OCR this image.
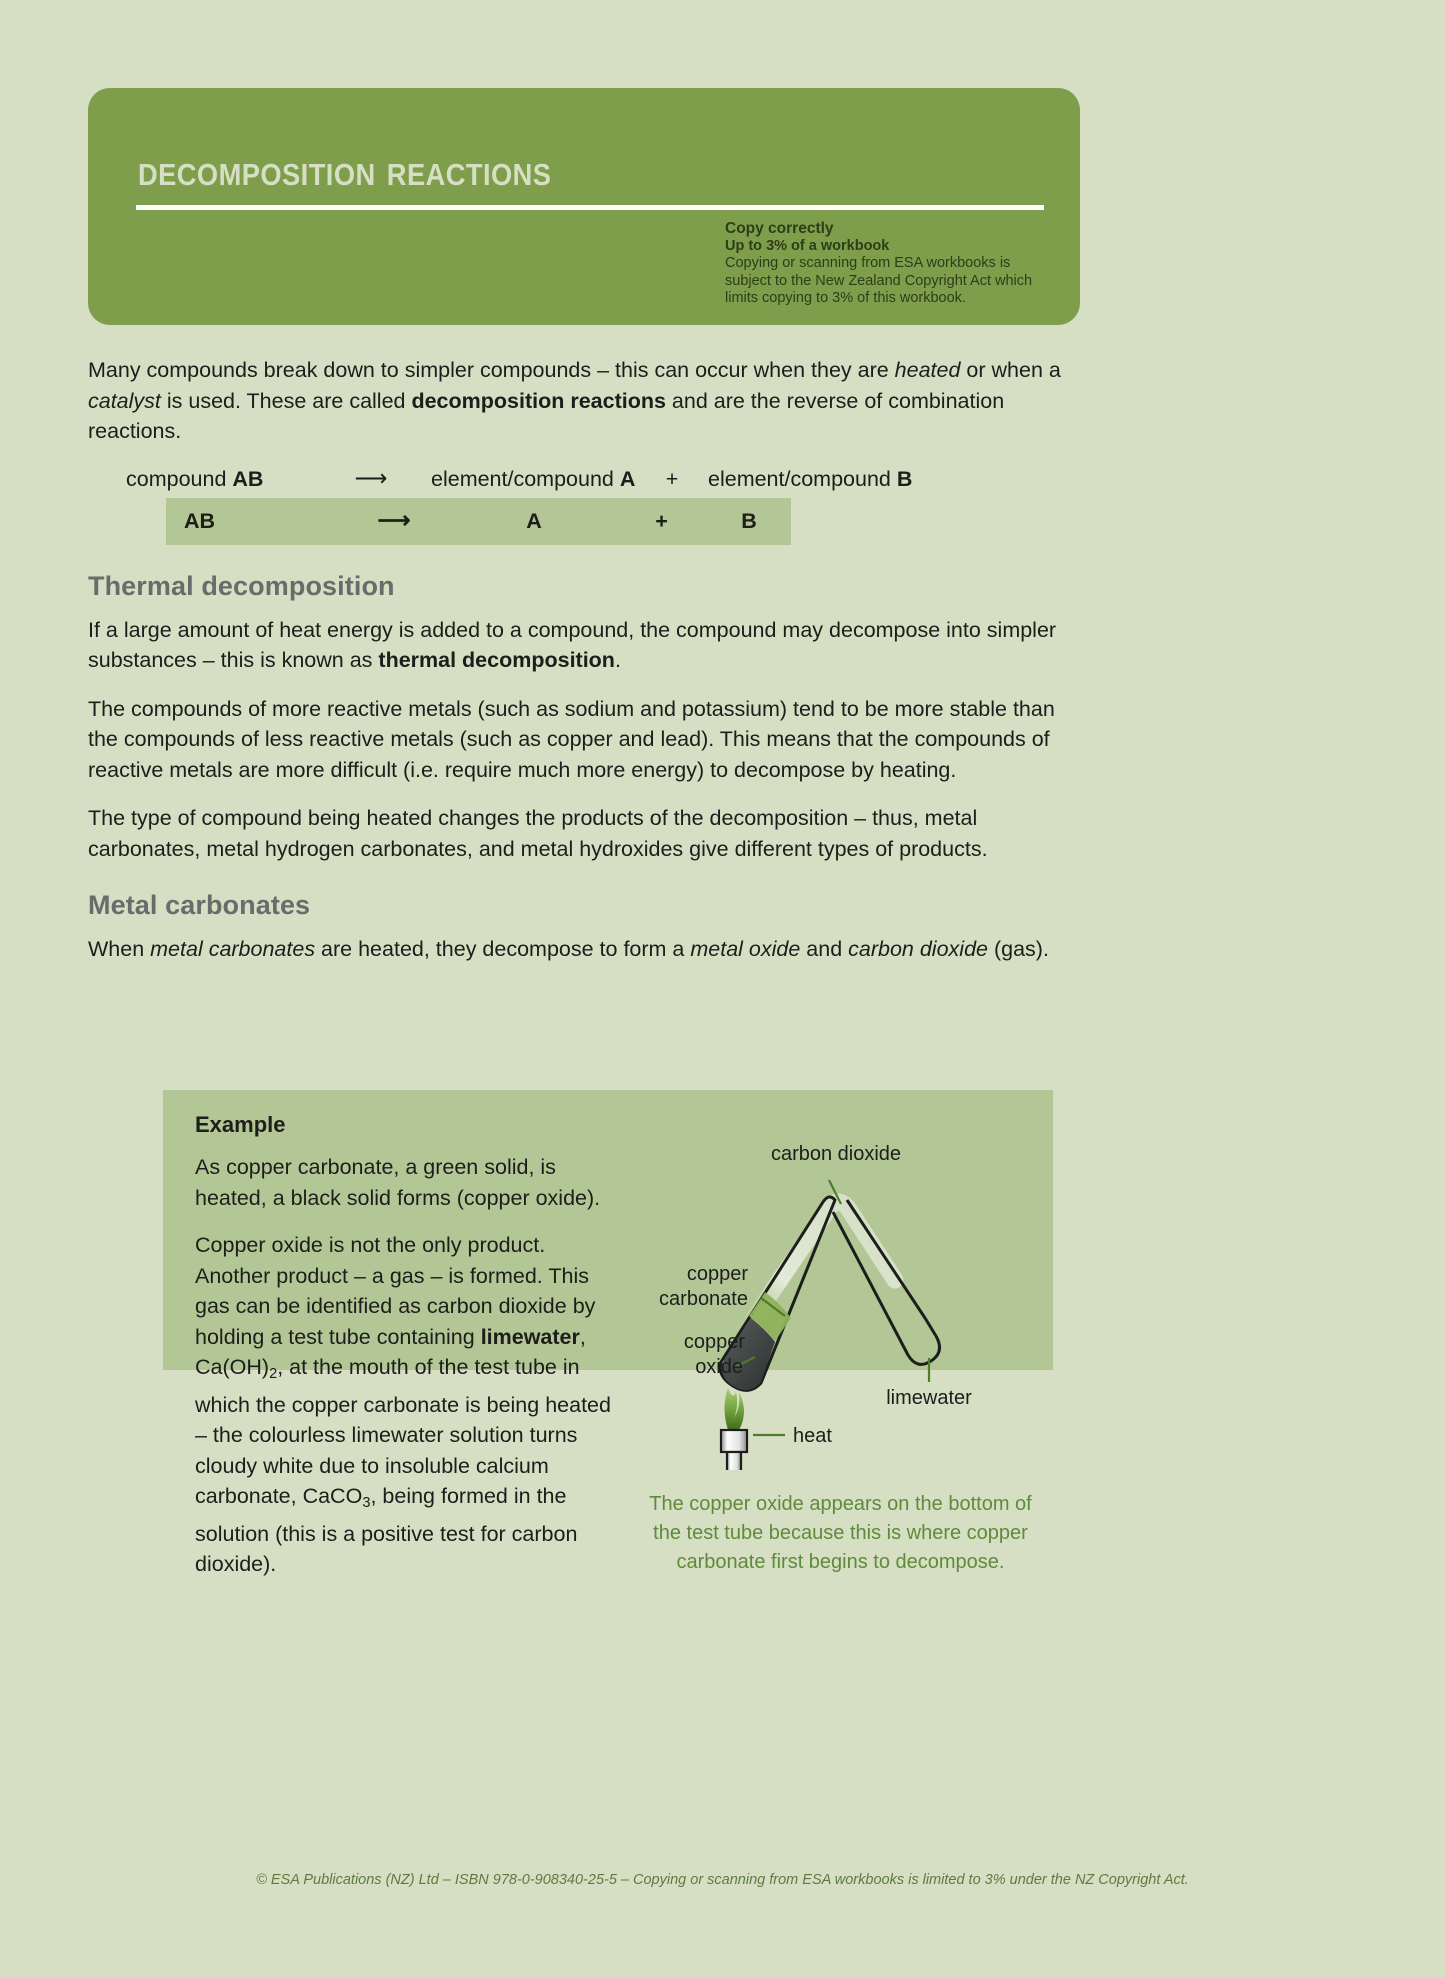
decomposition reactions
Copy correctly
Up to 3% of a workbook
Copying or scanning from ESA workbooks is subject to the New Zealand Copyright Act which limits copying to 3% of this workbook.

Many compounds break down to simpler compounds – this can occur when they are heated or when a catalyst is used. These are called decomposition reactions and are the reverse of combination reactions.

compound AB	⟶	element/compound A	+	element/compound B
AB	⟶	A	+	B
Thermal decomposition

If a large amount of heat energy is added to a compound, the compound may decompose into simpler substances – this is known as thermal decomposition.

The compounds of more reactive metals (such as sodium and potassium) tend to be more stable than the compounds of less reactive metals (such as copper and lead). This means that the compounds of reactive metals are more difficult (i.e. require much more energy) to decompose by heating.

The type of compound being heated changes the products of the decomposition – thus, metal carbonates, metal hydrogen carbonates, and metal hydroxides give different types of products.

Metal carbonates

When metal carbonates are heated, they decompose to form a metal oxide and carbon dioxide (gas).

Example

As copper carbonate, a green solid, is heated, a black solid forms (copper oxide).

Copper oxide is not the only product. Another product – a gas – is formed. This gas can be identified as carbon dioxide by holding a test tube containing limewater, $Ca(OH)_2$, at the mouth of the test tube in which the copper carbonate is being heated – the colourless limewater solution turns cloudy white due to insoluble calcium carbonate, CaCO$_3$, being formed in the solution (this is a positive test for carbon dioxide).

carbon dioxide
copper
carbonate
copper
oxide
heat
limewater
The copper oxide appears on the bottom of the test tube because this is where copper carbonate first begins to decompose.
© ESA Publications (NZ) Ltd – ISBN 978-0-908340-25-5 – Copying or scanning from ESA workbooks is limited to 3% under the NZ Copyright Act.
